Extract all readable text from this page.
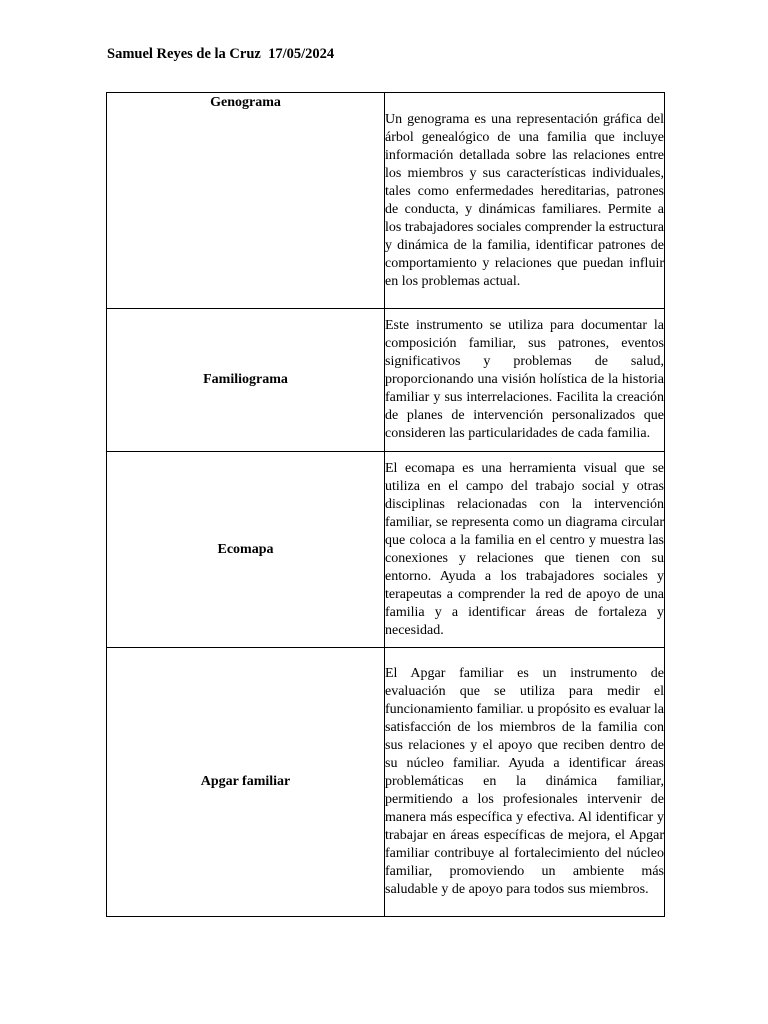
Samuel Reyes de la Cruz 17/05/2024
Genograma	Un genograma es una representación gráfica del árbol genealógico de una familia que incluye información detallada sobre las relaciones entre los miembros y sus características individuales, tales como enfermedades hereditarias, patrones de conducta, y dinámicas familiares. Permite a los trabajadores sociales comprender la estructura y dinámica de la familia, identificar patrones de comportamiento y relaciones que puedan influir en los problemas actual.
Familiograma	Este instrumento se utiliza para documentar la composición familiar, sus patrones, eventos significativos y problemas de salud, proporcionando una visión holística de la historia familiar y sus interrelaciones. Facilita la creación de planes de intervención personalizados que consideren las particularidades de cada familia.
Ecomapa	El ecomapa es una herramienta visual que se utiliza en el campo del trabajo social y otras disciplinas relacionadas con la intervención familiar, se representa como un diagrama circular que coloca a la familia en el centro y muestra las conexiones y relaciones que tienen con su entorno. Ayuda a los trabajadores sociales y terapeutas a comprender la red de apoyo de una familia y a identificar áreas de fortaleza y necesidad.
Apgar familiar	El Apgar familiar es un instrumento de evaluación que se utiliza para medir el funcionamiento familiar. u propósito es evaluar la satisfacción de los miembros de la familia con sus relaciones y el apoyo que reciben dentro de su núcleo familiar. Ayuda a identificar áreas problemáticas en la dinámica familiar, permitiendo a los profesionales intervenir de manera más específica y efectiva. Al identificar y trabajar en áreas específicas de mejora, el Apgar familiar contribuye al fortalecimiento del núcleo familiar, promoviendo un ambiente más saludable y de apoyo para todos sus miembros.
